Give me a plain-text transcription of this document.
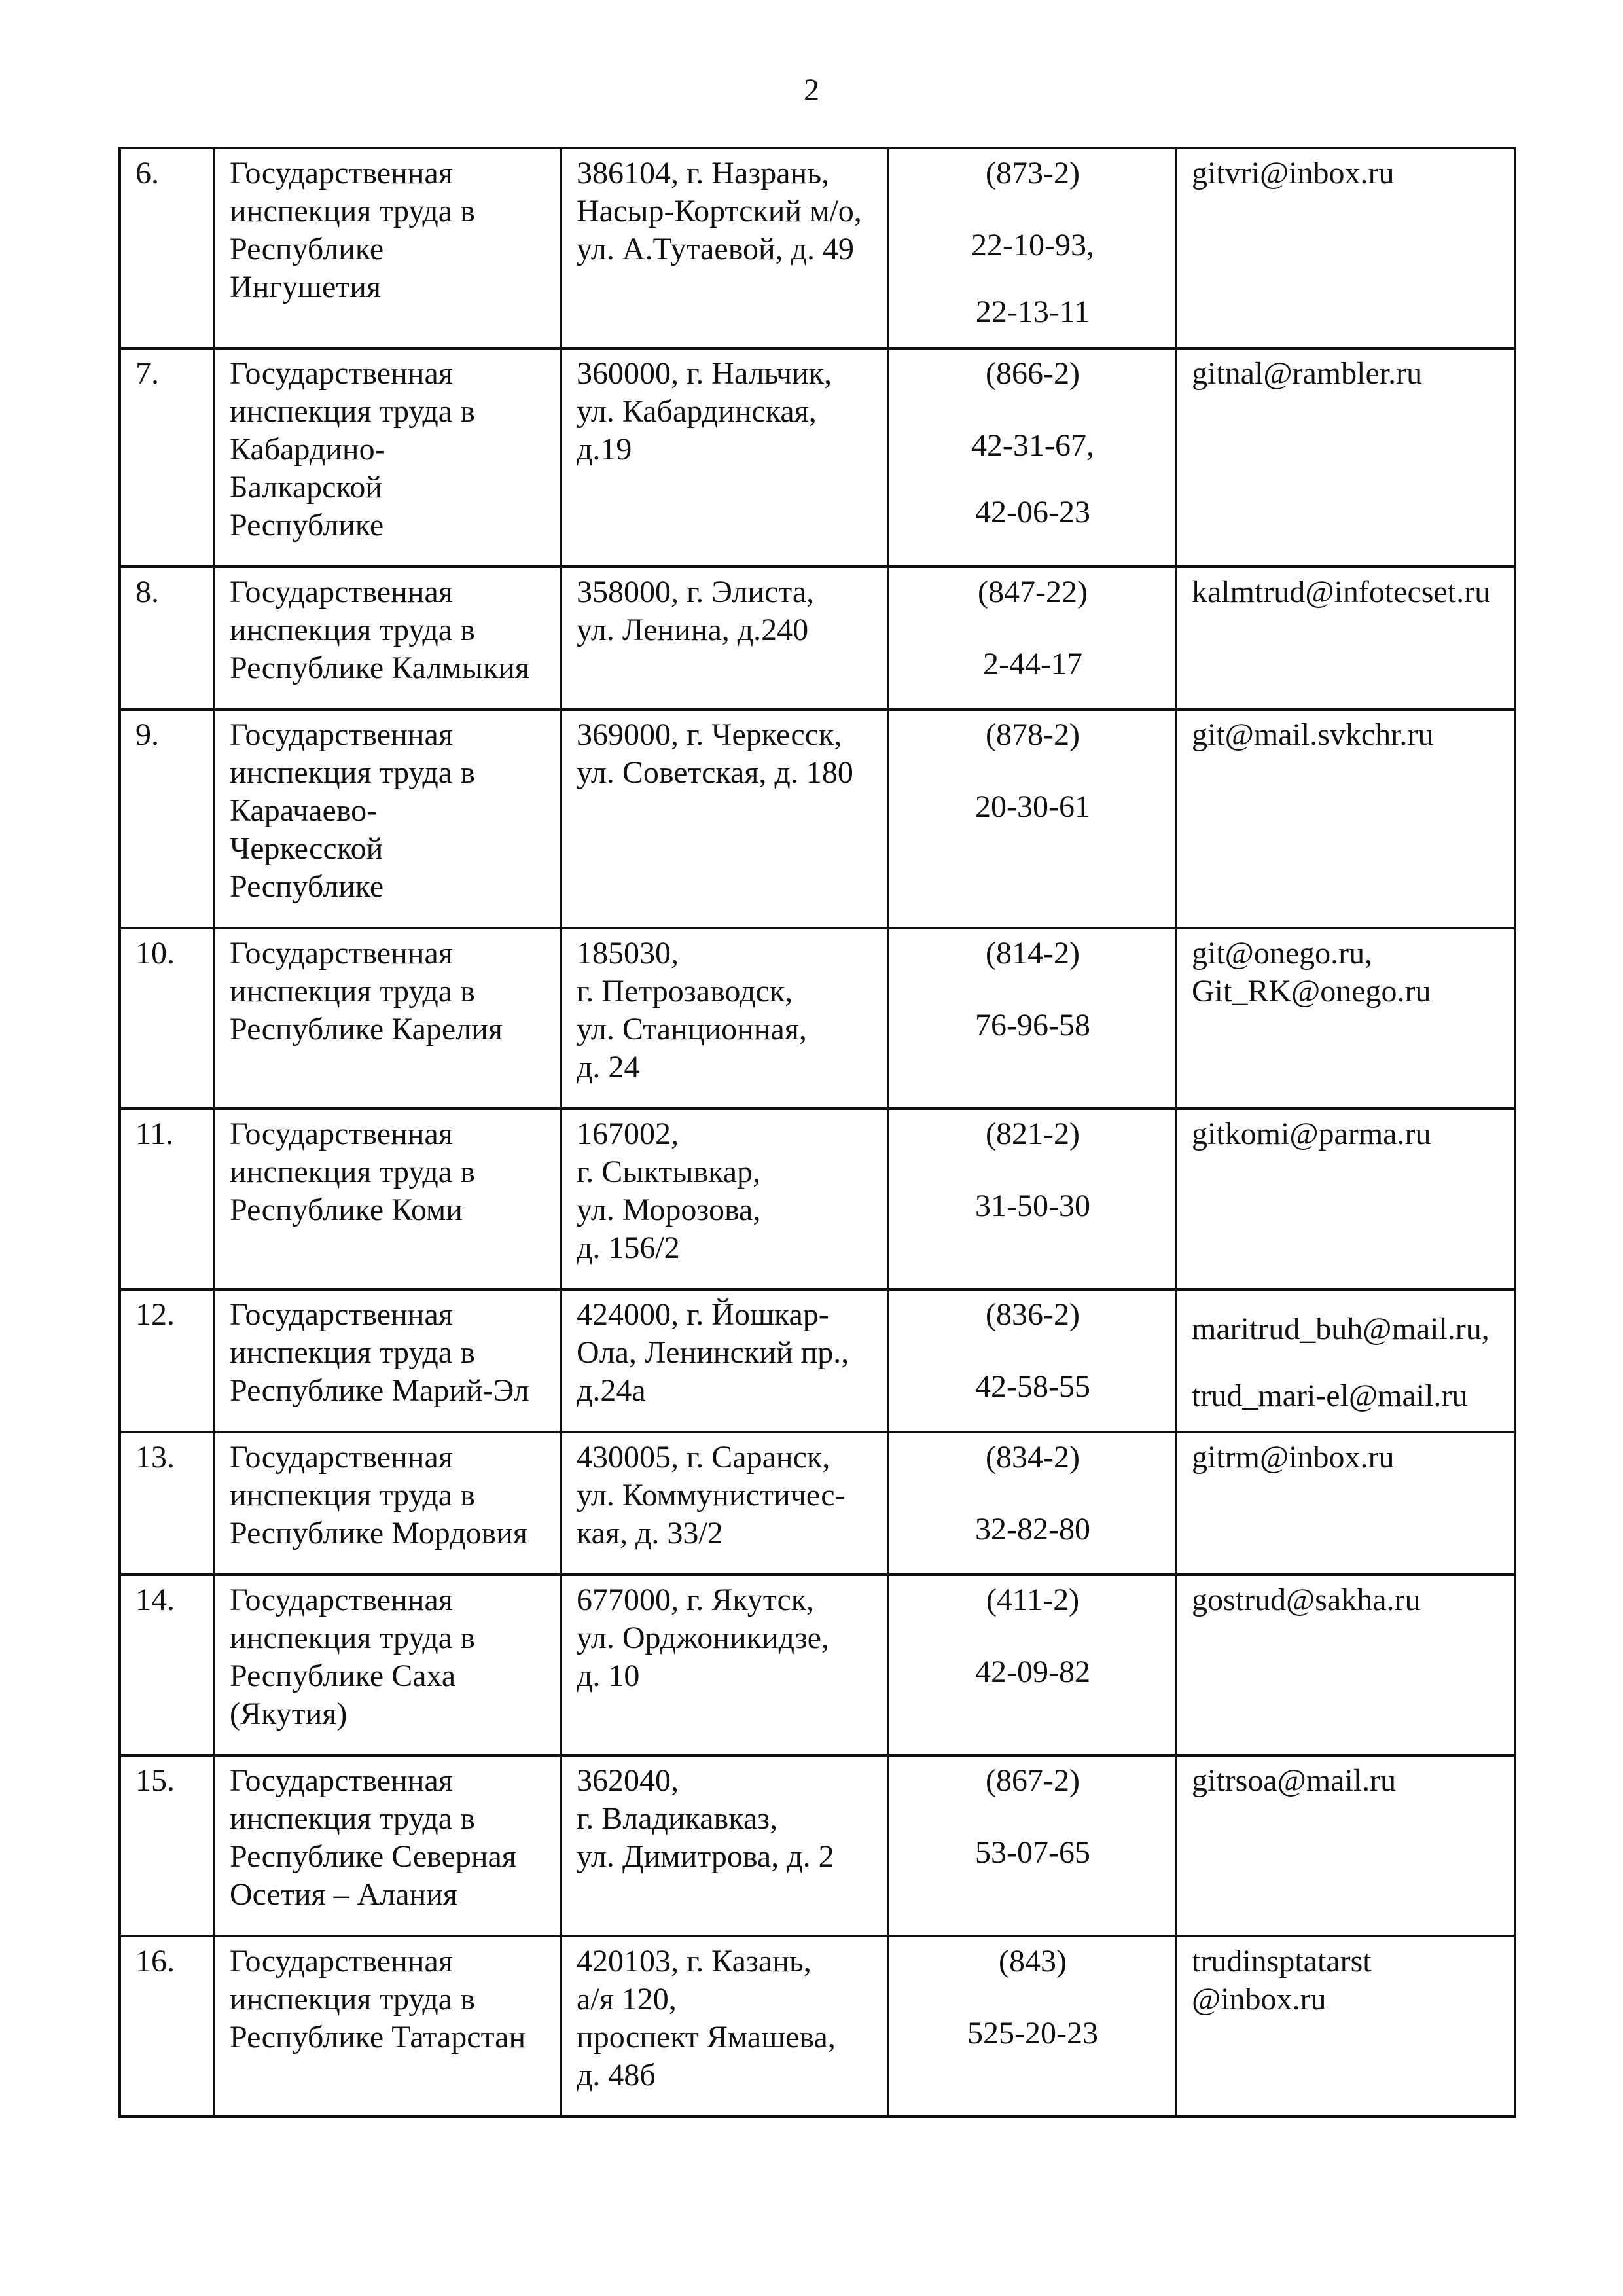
2
6.	Государственная
инспекция труда в
Республике
Ингушетия	386104, г. Назрань,
Насыр-Кортский м/о,
ул. А.Тутаевой, д. 49	(873-2)
22-10-93,
22-13-11	gitvri@inbox.ru
7.	Государственная
инспекция труда в
Кабардино-
Балкарской
Республике	360000, г. Нальчик,
ул. Кабардинская,
д.19	(866-2)
42-31-67,
42-06-23	gitnal@rambler.ru
8.	Государственная
инспекция труда в
Республике Калмыкия	358000, г. Элиста,
ул. Ленина, д.240	(847-22)
2-44-17	kalmtrud@infotecset.ru
9.	Государственная
инспекция труда в
Карачаево-
Черкесской
Республике	369000, г. Черкесск,
ул. Советская, д. 180	(878-2)
20-30-61	git@mail.svkchr.ru
10.	Государственная
инспекция труда в
Республике Карелия	185030,
г. Петрозаводск,
ул. Станционная,
д. 24	(814-2)
76-96-58	git@onego.ru,
Git_RK@onego.ru
11.	Государственная
инспекция труда в
Республике Коми	167002,
г. Сыктывкар,
ул. Морозова,
д. 156/2	(821-2)
31-50-30	gitkomi@parma.ru
12.	Государственная
инспекция труда в
Республике Марий-Эл	424000, г. Йошкар-
Ола, Ленинский пр.,
д.24а	(836-2)
42-58-55	maritrud_buh@mail.ru,
trud_mari-el@mail.ru
13.	Государственная
инспекция труда в
Республике Мордовия	430005, г. Саранск,
ул. Коммунистичес-
кая, д. 33/2	(834-2)
32-82-80	gitrm@inbox.ru
14.	Государственная
инспекция труда в
Республике Саха
(Якутия)	677000, г. Якутск,
ул. Орджоникидзе,
д. 10	(411-2)
42-09-82	gostrud@sakha.ru
15.	Государственная
инспекция труда в
Республике Северная
Осетия – Алания	362040,
г. Владикавказ,
ул. Димитрова, д. 2	(867-2)
53-07-65	gitrsoa@mail.ru
16.	Государственная
инспекция труда в
Республике Татарстан	420103, г. Казань,
а/я 120,
проспект Ямашева,
д. 48б	(843)
525-20-23	trudinsptatarst
@inbox.ru
